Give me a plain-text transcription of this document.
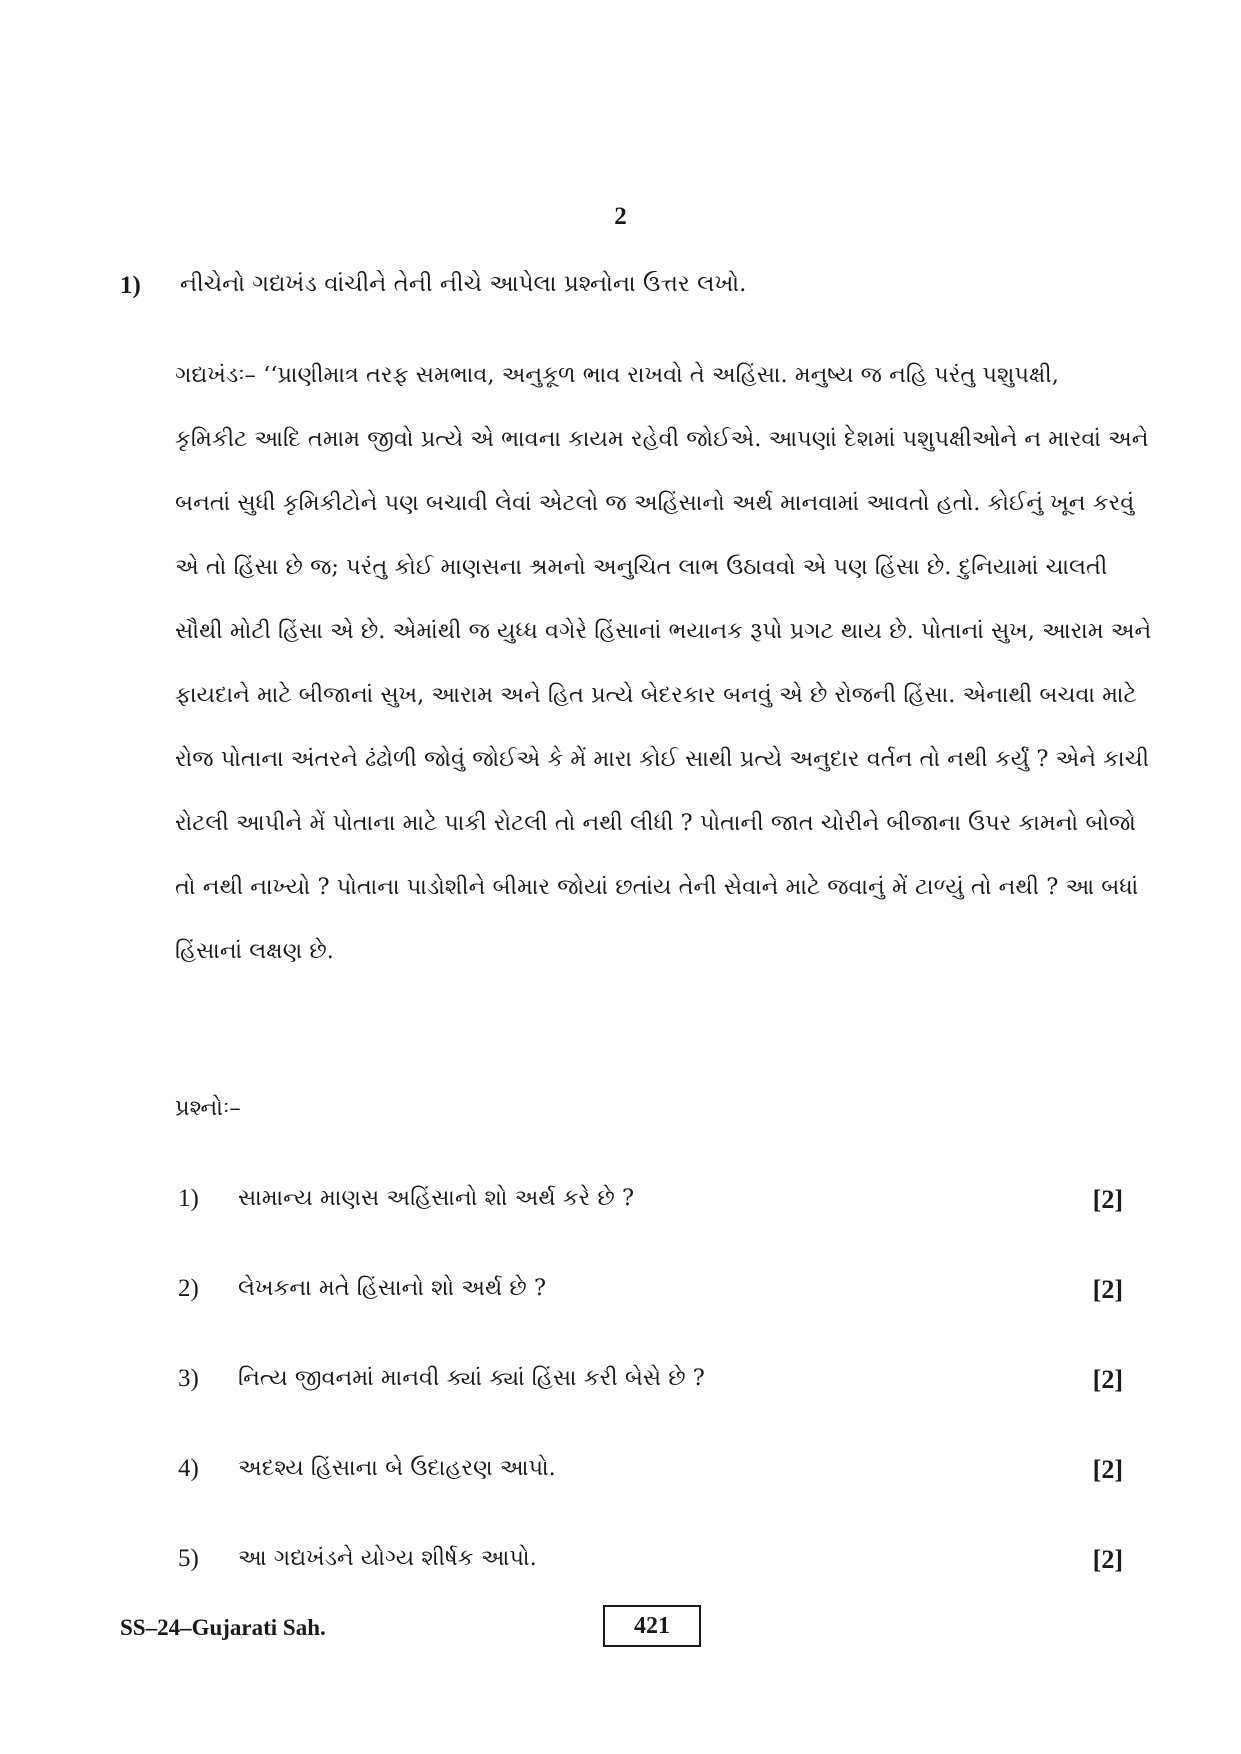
2
1) નીચેનો ગદ્યખંડ વાંચીને તેની નીચે આપેલા પ્રશ્નોના ઉત્તર લખો.
ગદ્યખંડઃ– ‘‘પ્રાણીમાત્ર તરફ સમભાવ, અનુકૂળ ભાવ રાખવો તે અહિંસા. મનુષ્ય જ નહિ પરંતુ પશુપક્ષી,
કૃમિકીટ આદિ તમામ જીવો પ્રત્યે એ ભાવના કાયમ રહેવી જોઈએ. આપણાં દેશમાં પશુપક્ષીઓને ન મારવાં અને
બનતાં સુધી કૃમિકીટોને પણ બચાવી લેવાં એટલો જ અહિંસાનો અર્થ માનવામાં આવતો હતો. કોઈનું ખૂન કરવું
એ તો હિંસા છે જ; પરંતુ કોઈ માણસના શ્રમનો અનુચિત લાભ ઉઠાવવો એ પણ હિંસા છે. દુનિયામાં ચાલતી
સૌથી મોટી હિંસા એ છે. એમાંથી જ યુધ્ધ વગેરે હિંસાનાં ભયાનક રૂપો પ્રગટ થાય છે. પોતાનાં સુખ, આરામ અને
ફાયદાને માટે બીજાનાં સુખ, આરામ અને હિત પ્રત્યે બેદરકાર બનવું એ છે રોજની હિંસા. એનાથી બચવા માટે
રોજ પોતાના અંતરને ઢંઢોળી જોવું જોઈએ કે મેં મારા કોઈ સાથી પ્રત્યે અનુદાર વર્તન તો નથી કર્યું ? એને કાચી
રોટલી આપીને મેં પોતાના માટે પાકી રોટલી તો નથી લીધી ? પોતાની જાત ચોરીને બીજાના ઉપર કામનો બોજો
તો નથી નાખ્યો ? પોતાના પાડોશીને બીમાર જોયાં છતાંય તેની સેવાને માટે જવાનું મેં ટાળ્યું તો નથી ? આ બધાં
હિંસાનાં લક્ષણ છે.
પ્રશ્નોઃ–
1) સામાન્ય માણસ અહિંસાનો શો અર્થ કરે છે ?	[2]
2) લેખકના મતે હિંસાનો શો અર્થ છે ?	[2]
3) નિત્ય જીવનમાં માનવી ક્યાં ક્યાં હિંસા કરી બેસે છે ?	[2]
4) અદશ્ય હિંસાના બે ઉદાહરણ આપો.	[2]
5) આ ગદ્યખંડને યોગ્ય શીર્ષક આપો.	[2]
SS–24–Gujarati Sah.	421
